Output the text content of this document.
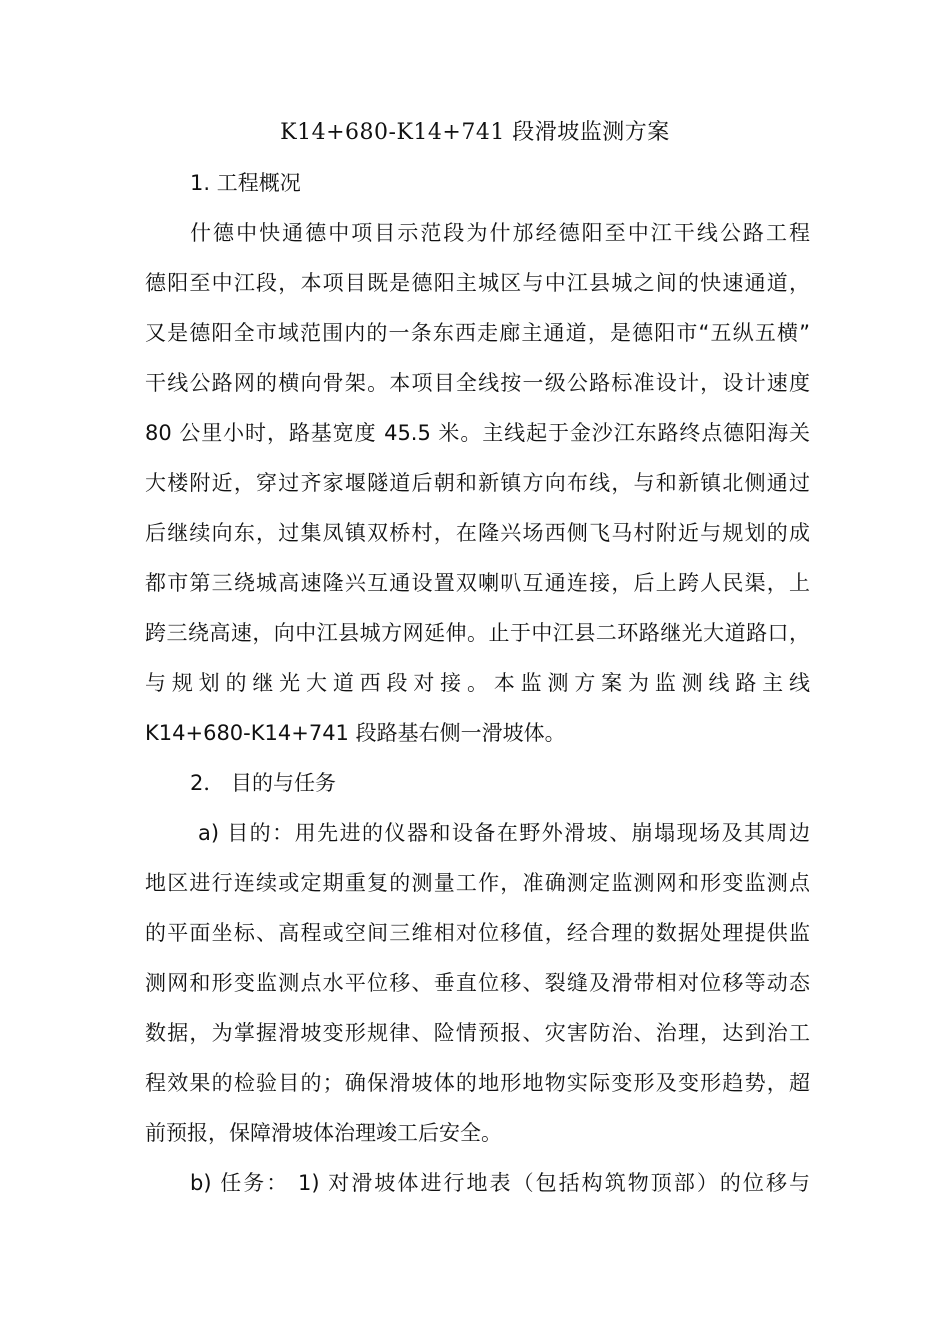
K14+680-K14+741 段滑坡监测方案
1. 工程概况
什德中快通德中项目示范段为什邡经德阳至中江干线公路工程
德阳至中江段，本项目既是德阳主城区与中江县城之间的快速通道，
又是德阳全市域范围内的一条东西走廊主通道，是德阳市“五纵五横”
干线公路网的横向骨架。本项目全线按一级公路标准设计，设计速度
80 公里小时，路基宽度 45.5 米。主线起于金沙江东路终点德阳海关
大楼附近，穿过齐家堰隧道后朝和新镇方向布线，与和新镇北侧通过
后继续向东，过集凤镇双桥村，在隆兴场西侧飞马村附近与规划的成
都市第三绕城高速隆兴互通设置双喇叭互通连接，后上跨人民渠，上
跨三绕高速，向中江县城方网延伸。止于中江县二环路继光大道路口，
与规划的继光大道西段对接。本监测方案为监测线路主线
K14+680-K14+741 段路基右侧一滑坡体。
2． 目的与任务
a) 目的：用先进的仪器和设备在野外滑坡、崩塌现场及其周边
地区进行连续或定期重复的测量工作，准确测定监测网和形变监测点
的平面坐标、高程或空间三维相对位移值，经合理的数据处理提供监
测网和形变监测点水平位移、垂直位移、裂缝及滑带相对位移等动态
数据，为掌握滑坡变形规律、险情预报、灾害防治、治理，达到治工
程效果的检验目的；确保滑坡体的地形地物实际变形及变形趋势，超
前预报，保障滑坡体治理竣工后安全。
b) 任务： 1) 对滑坡体进行地表（包括构筑物顶部）的位移与
